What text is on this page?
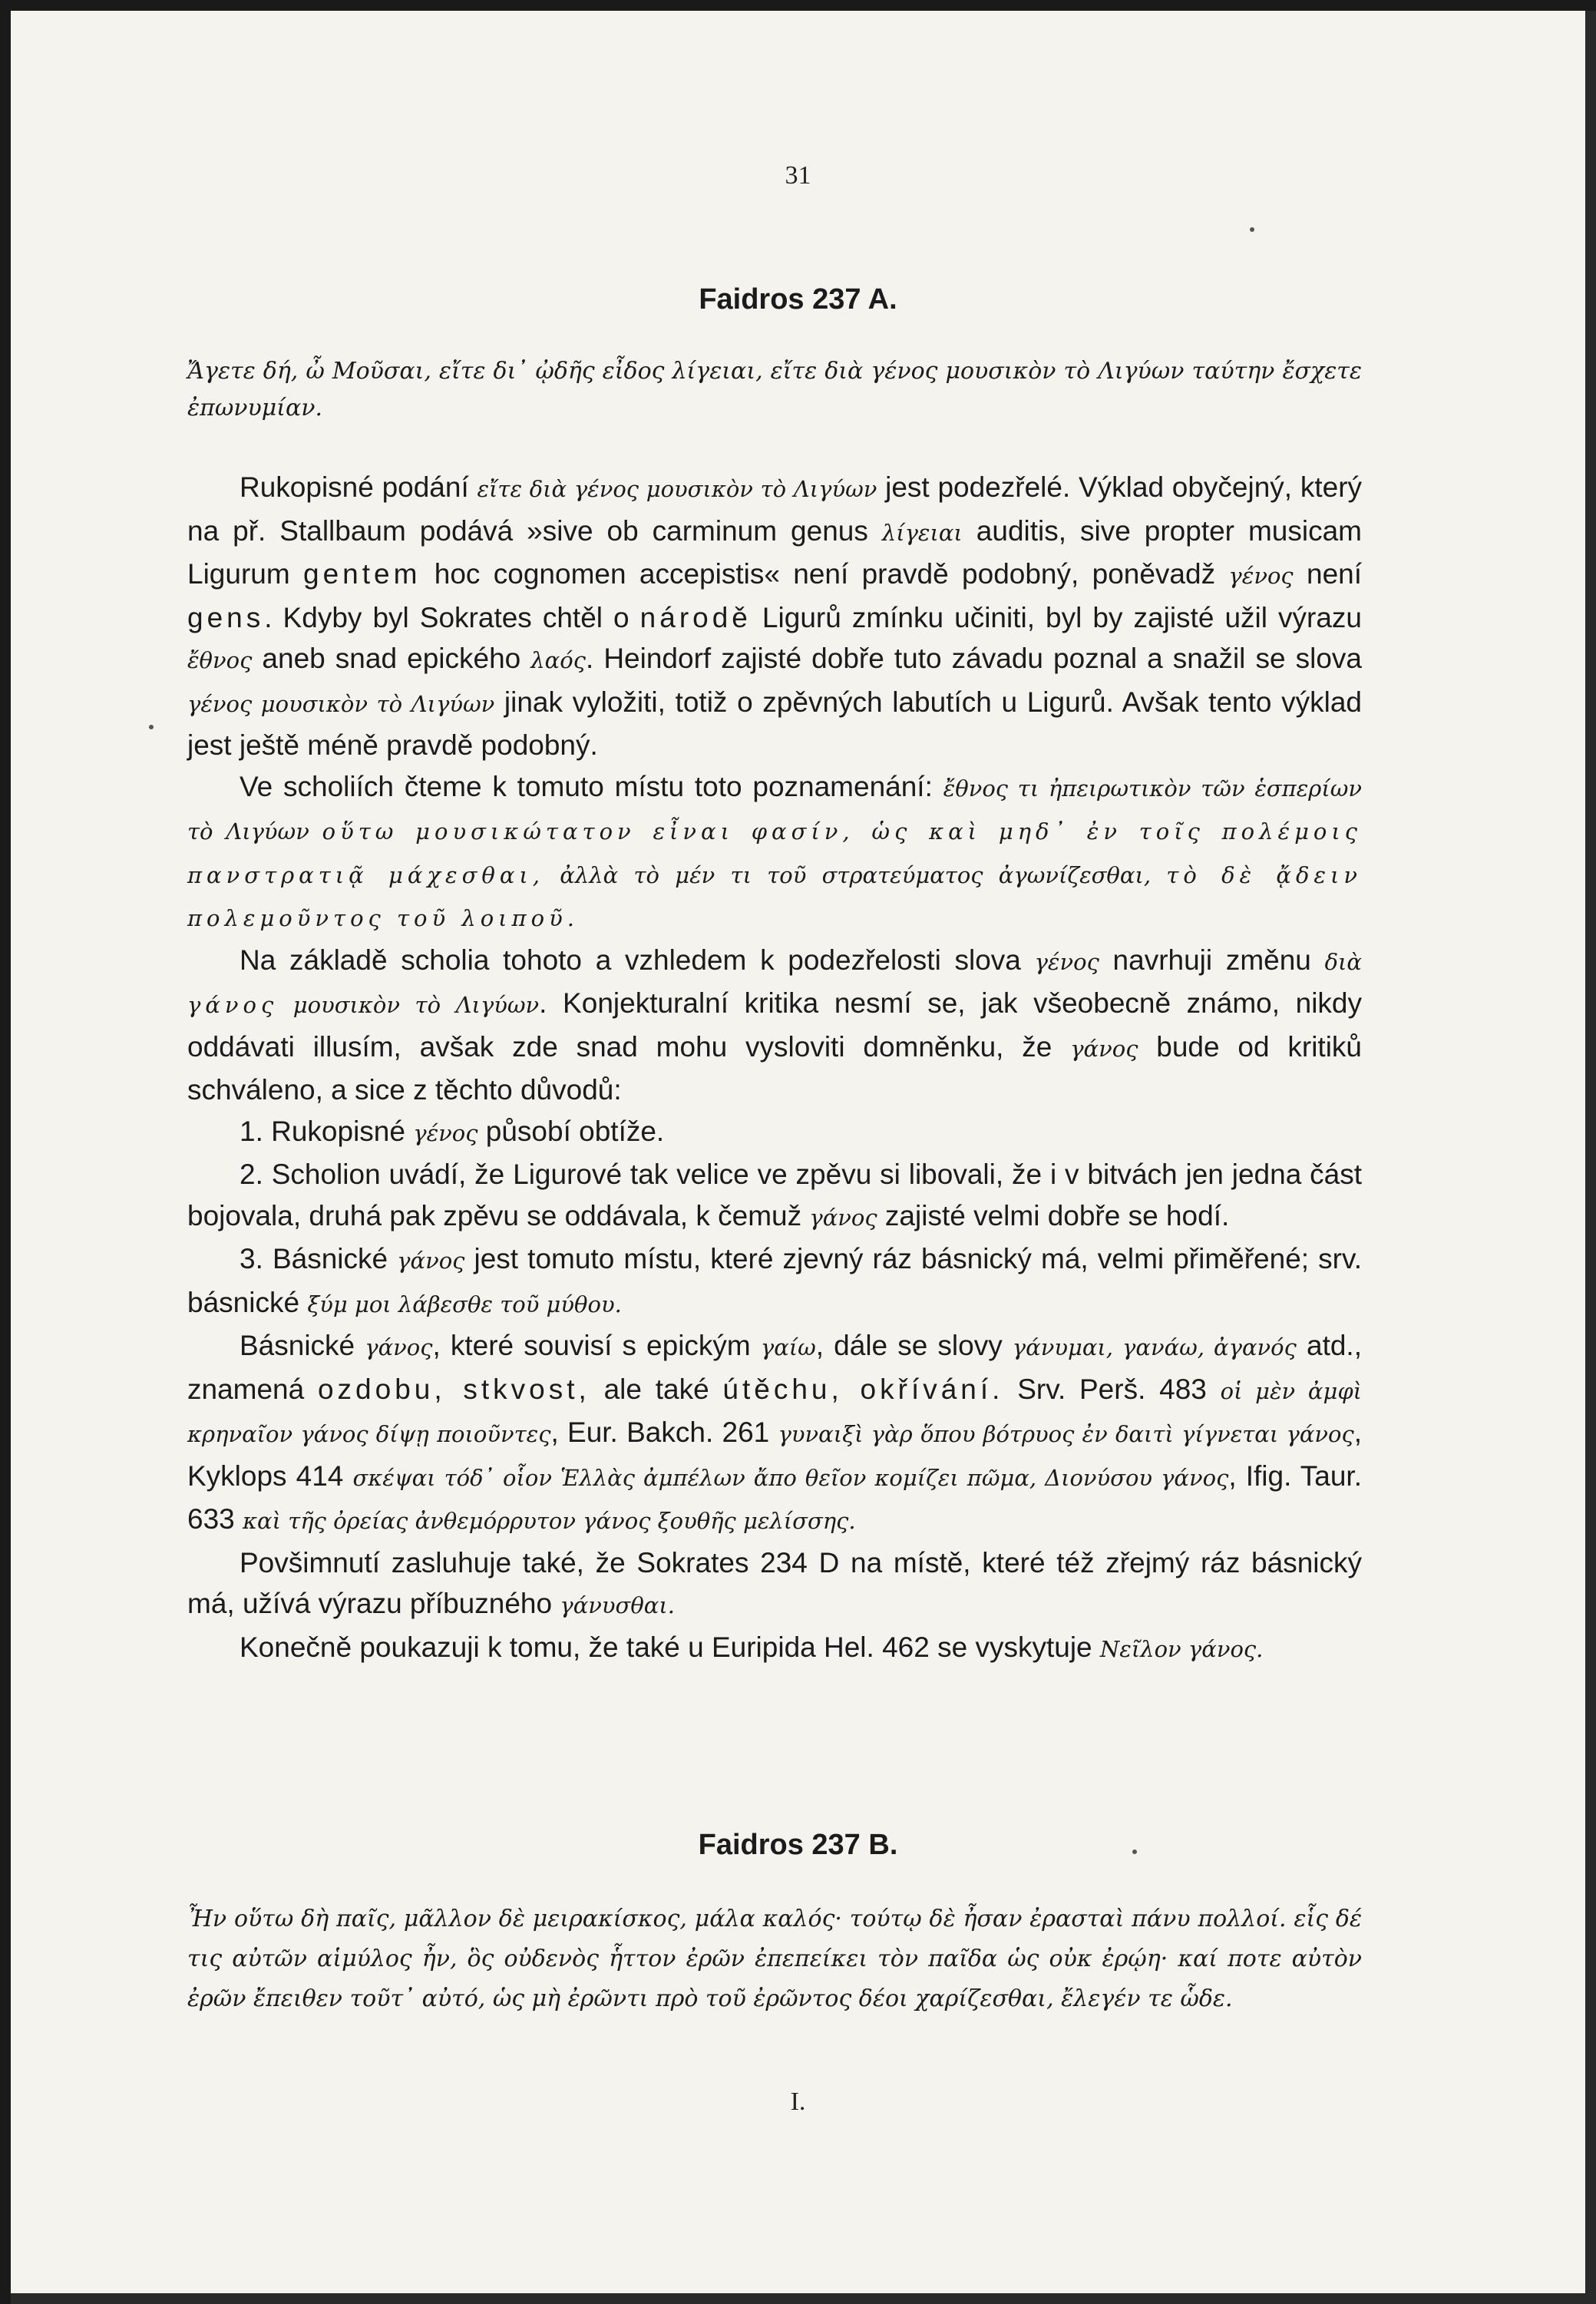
31
Faidros 237 A.
Ἄγετε δή, ὦ Μοῦσαι, εἴτε δι᾽ ᾠδῆς εἶδος λίγειαι, εἴτε διὰ γένος μουσικὸν τὸ Λιγύων ταύτην ἔσχετε ἐπωνυμίαν.

Rukopisné podání εἴτε διὰ γένος μουσικὸν τὸ Λιγύων jest podezřelé. Výklad obyčejný, který na př. Stallbaum podává »sive ob carminum genus λίγειαι auditis, sive propter musicam Ligurum gentem hoc cognomen accepistis« není pravdě podobný, poněvadž γένος není gens. Kdyby byl Sokrates chtěl o národě Ligurů zmínku učiniti, byl by zajisté užil výrazu ἔθνος aneb snad epického λαός. Heindorf zajisté dobře tuto závadu poznal a snažil se slova γένος μουσικὸν τὸ Λιγύων jinak vyložiti, totiž o zpěvných labutích u Ligurů. Avšak tento výklad jest ještě méně pravdě podobný.

Ve scholiích čteme k tomuto místu toto poznamenání: ἔθνος τι ἠπειρωτικὸν τῶν ἑσπερίων τὸ Λιγύων οὕτω μουσικώτατον εἶναι φασίν, ὡς καὶ μηδ᾽ ἐν τοῖς πολέμοις πανστρατιᾷ μάχεσθαι, ἀλλὰ τὸ μέν τι τοῦ στρατεύματος ἀγωνίζεσθαι, τὸ δὲ ᾄδειν πολεμοῦντος τοῦ λοιποῦ.

Na základě scholia tohoto a vzhledem k podezřelosti slova γένος navrhuji změnu διὰ γάνος μουσικὸν τὸ Λιγύων. Konjekturalní kritika nesmí se, jak všeobecně známo, nikdy oddávati illusím, avšak zde snad mohu vysloviti domněnku, že γάνος bude od kritiků schváleno, a sice z těchto důvodů:

1. Rukopisné γένος působí obtíže.

2. Scholion uvádí, že Ligurové tak velice ve zpěvu si libovali, že i v bitvách jen jedna část bojovala, druhá pak zpěvu se oddávala, k čemuž γάνος zajisté velmi dobře se hodí.

3. Básnické γάνος jest tomuto místu, které zjevný ráz básnický má, velmi přiměřené; srv. básnické ξύμ μοι λάβεσθε τοῦ μύθου.

Básnické γάνος, které souvisí s epickým γαίω, dále se slovy γάνυμαι, γανάω, ἀγανός atd., znamená ozdobu, stkvost, ale také útěchu, okřívání. Srv. Perš. 483 οἱ μὲν ἀμφὶ κρηναῖον γάνος δίψῃ ποιοῦντες, Eur. Bakch. 261 γυναιξὶ γὰρ ὅπου βότρυος ἐν δαιτὶ γίγνεται γάνος, Kyklops 414 σκέψαι τόδ᾽ οἷον Ἑλλὰς ἀμπέλων ἄπο θεῖον κομίζει πῶμα, Διονύσου γάνος, Ifig. Taur. 633 καὶ τῆς ὀρείας ἀνθεμόρρυτον γάνος ξουθῆς μελίσσης.

Povšimnutí zasluhuje také, že Sokrates 234 D na místě, které též zřejmý ráz básnický má, užívá výrazu příbuzného γάνυσθαι.

Konečně poukazuji k tomu, že také u Euripida Hel. 462 se vyskytuje Νεῖλον γάνος.

Faidros 237 B.
Ἦν οὕτω δὴ παῖς, μᾶλλον δὲ μειρακίσκος, μάλα καλός· τούτῳ δὲ ἦσαν ἐρασταὶ πάνυ πολλοί. εἷς δέ τις αὐτῶν αἱμύλος ἦν, ὃς οὐδενὸς ἧττον ἐρῶν ἐπεπείκει τὸν παῖδα ὡς οὐκ ἐρῴη· καί ποτε αὐτὸν ἐρῶν ἔπειθεν τοῦτ᾽ αὐτό, ὡς μὴ ἐρῶντι πρὸ τοῦ ἐρῶντος δέοι χαρίζεσθαι, ἔλεγέν τε ὧδε.
I.
